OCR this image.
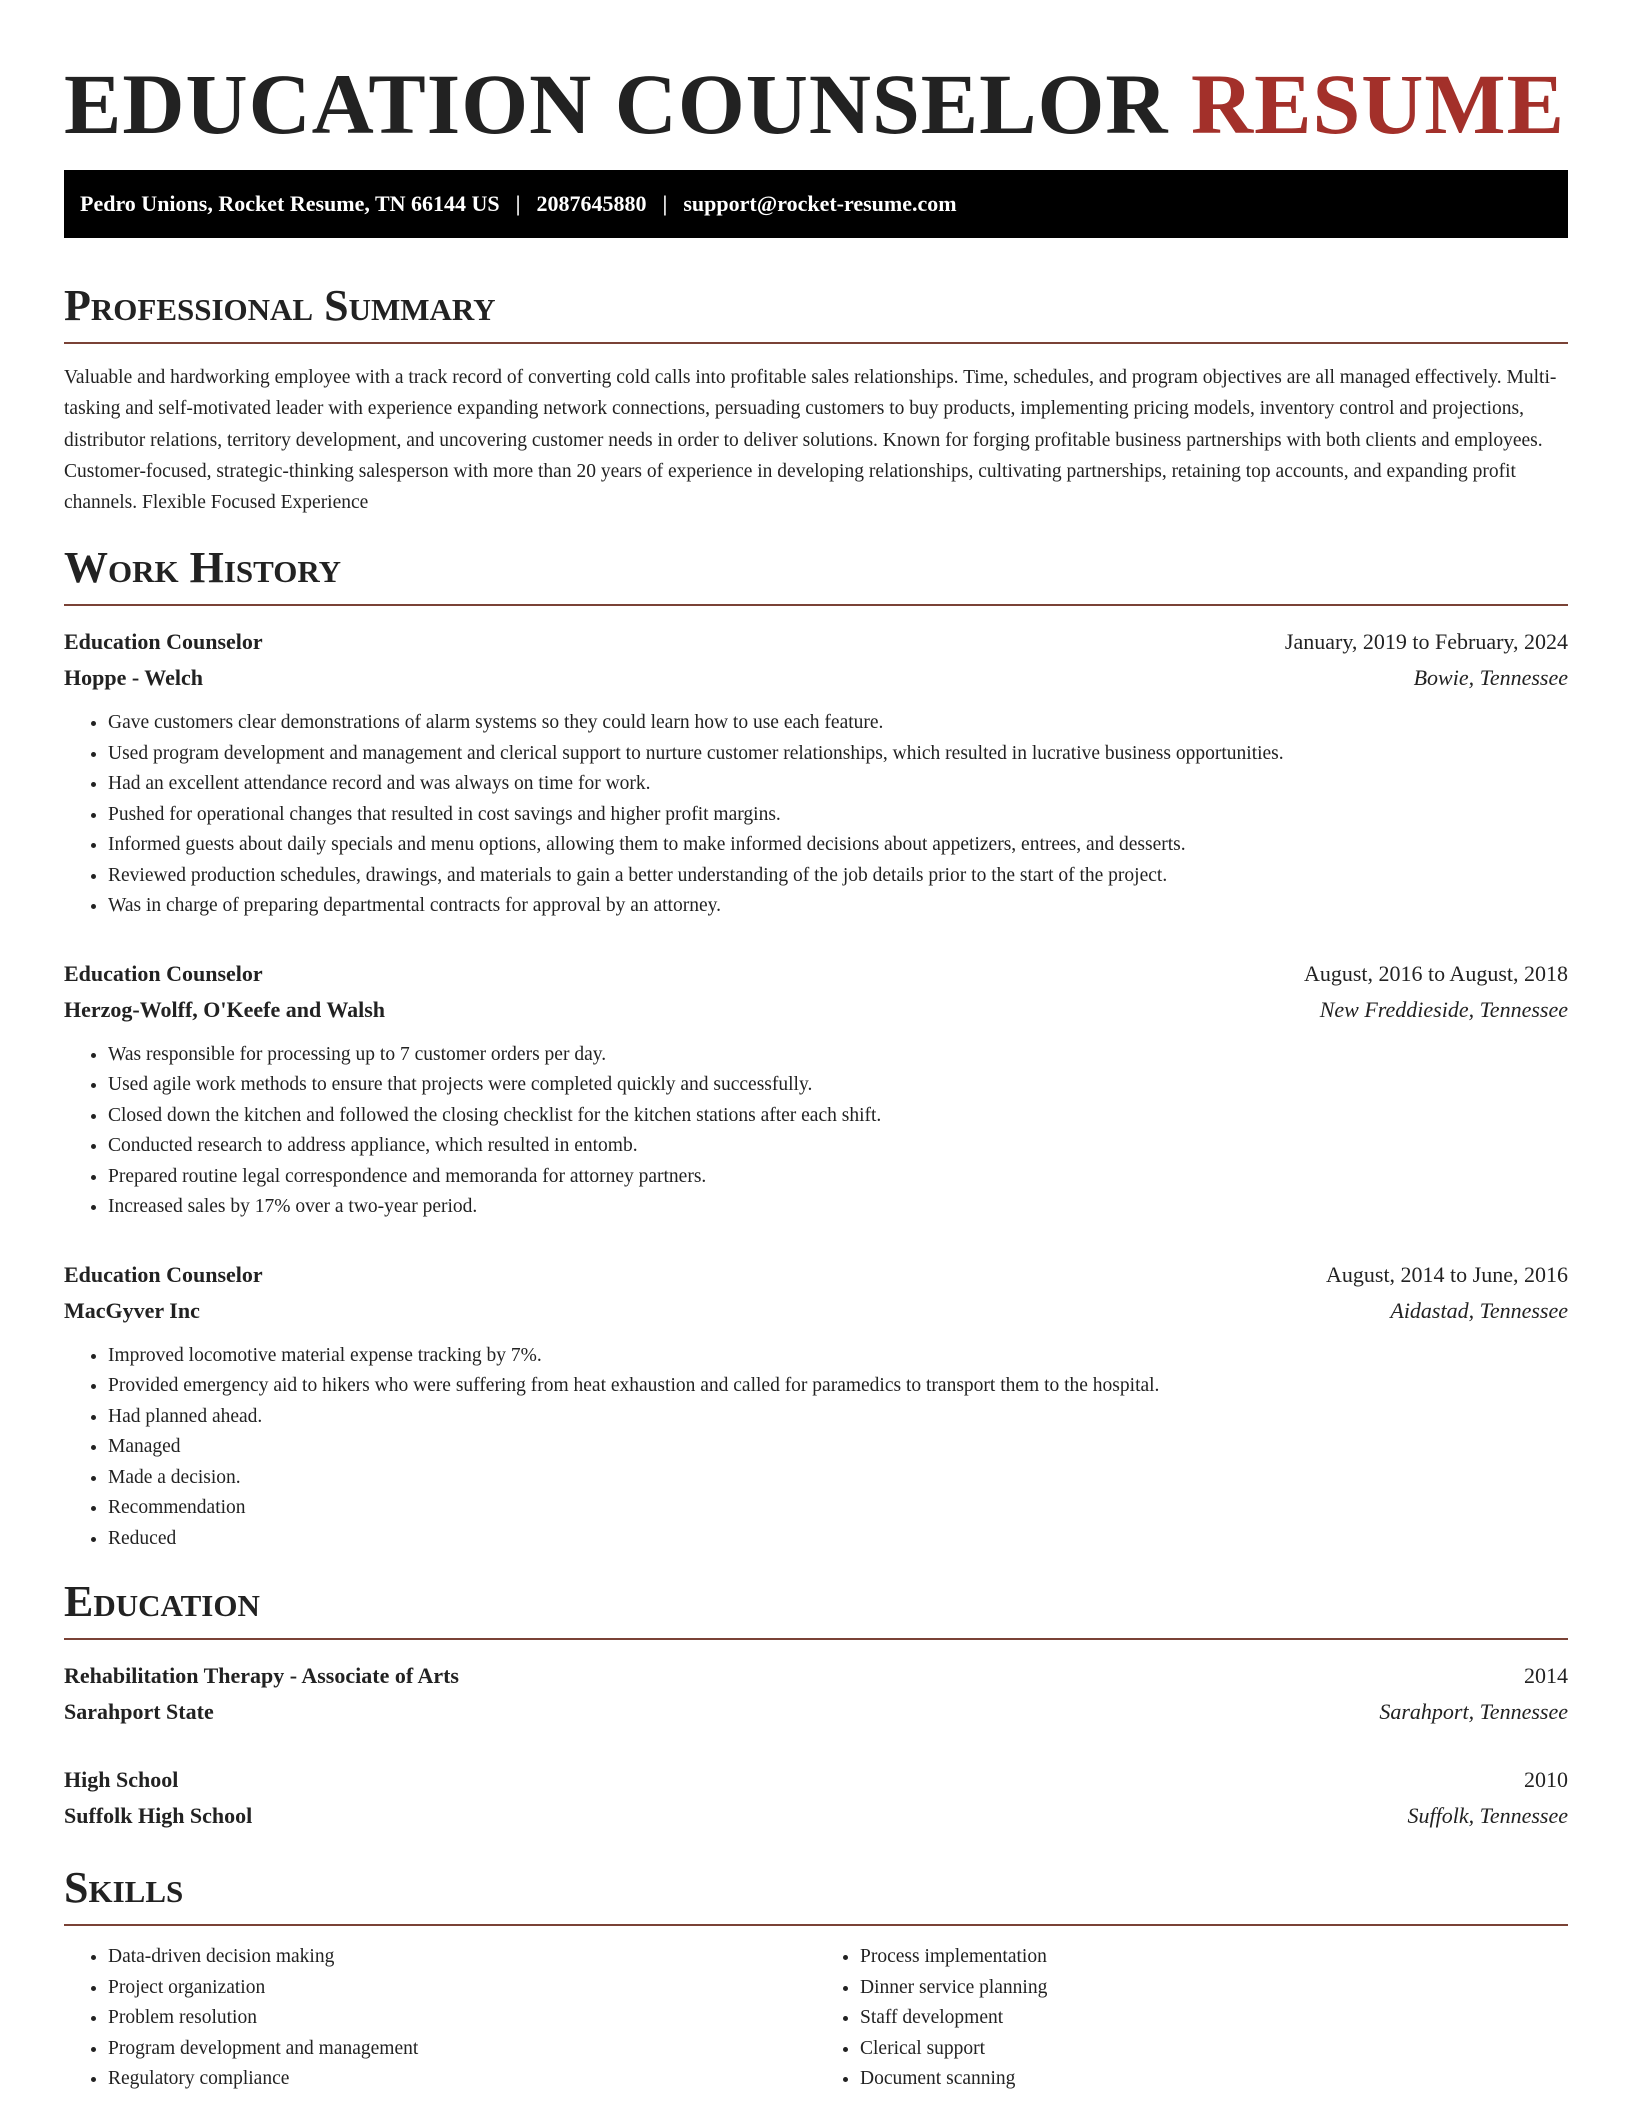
EDUCATION COUNSELOR RESUME
Pedro Unions, Rocket Resume, TN 66144 US | 2087645880 | support@rocket-resume.com
Professional Summary

Valuable and hardworking employee with a track record of converting cold calls into profitable sales relationships. Time, schedules, and program objectives are all managed effectively. Multi-tasking and self-motivated leader with experience expanding network connections, persuading customers to buy products, implementing pricing models, inventory control and projections, distributor relations, territory development, and uncovering customer needs in order to deliver solutions. Known for forging profitable business partnerships with both clients and employees. Customer-focused, strategic-thinking salesperson with more than 20 years of experience in developing relationships, cultivating partnerships, retaining top accounts, and expanding profit channels. Flexible Focused Experience

Work History
Education Counselor	January, 2019 to February, 2024
Hoppe - Welch	Bowie, Tennessee
• Gave customers clear demonstrations of alarm systems so they could learn how to use each feature.
• Used program development and management and clerical support to nurture customer relationships, which resulted in lucrative business opportunities.
• Had an excellent attendance record and was always on time for work.
• Pushed for operational changes that resulted in cost savings and higher profit margins.
• Informed guests about daily specials and menu options, allowing them to make informed decisions about appetizers, entrees, and desserts.
• Reviewed production schedules, drawings, and materials to gain a better understanding of the job details prior to the start of the project.
• Was in charge of preparing departmental contracts for approval by an attorney.
Education Counselor	August, 2016 to August, 2018
Herzog-Wolff, O'Keefe and Walsh	New Freddieside, Tennessee
• Was responsible for processing up to 7 customer orders per day.
• Used agile work methods to ensure that projects were completed quickly and successfully.
• Closed down the kitchen and followed the closing checklist for the kitchen stations after each shift.
• Conducted research to address appliance, which resulted in entomb.
• Prepared routine legal correspondence and memoranda for attorney partners.
• Increased sales by 17% over a two-year period.
Education Counselor	August, 2014 to June, 2016
MacGyver Inc	Aidastad, Tennessee
• Improved locomotive material expense tracking by 7%.
• Provided emergency aid to hikers who were suffering from heat exhaustion and called for paramedics to transport them to the hospital.
• Had planned ahead.
• Managed
• Made a decision.
• Recommendation
• Reduced
Education
Rehabilitation Therapy - Associate of Arts	2014
Sarahport State	Sarahport, Tennessee
High School	2010
Suffolk High School	Suffolk, Tennessee
Skills
• Data-driven decision making
• Project organization
• Problem resolution
• Program development and management
• Regulatory compliance
• Process implementation
• Dinner service planning
• Staff development
• Clerical support
• Document scanning
